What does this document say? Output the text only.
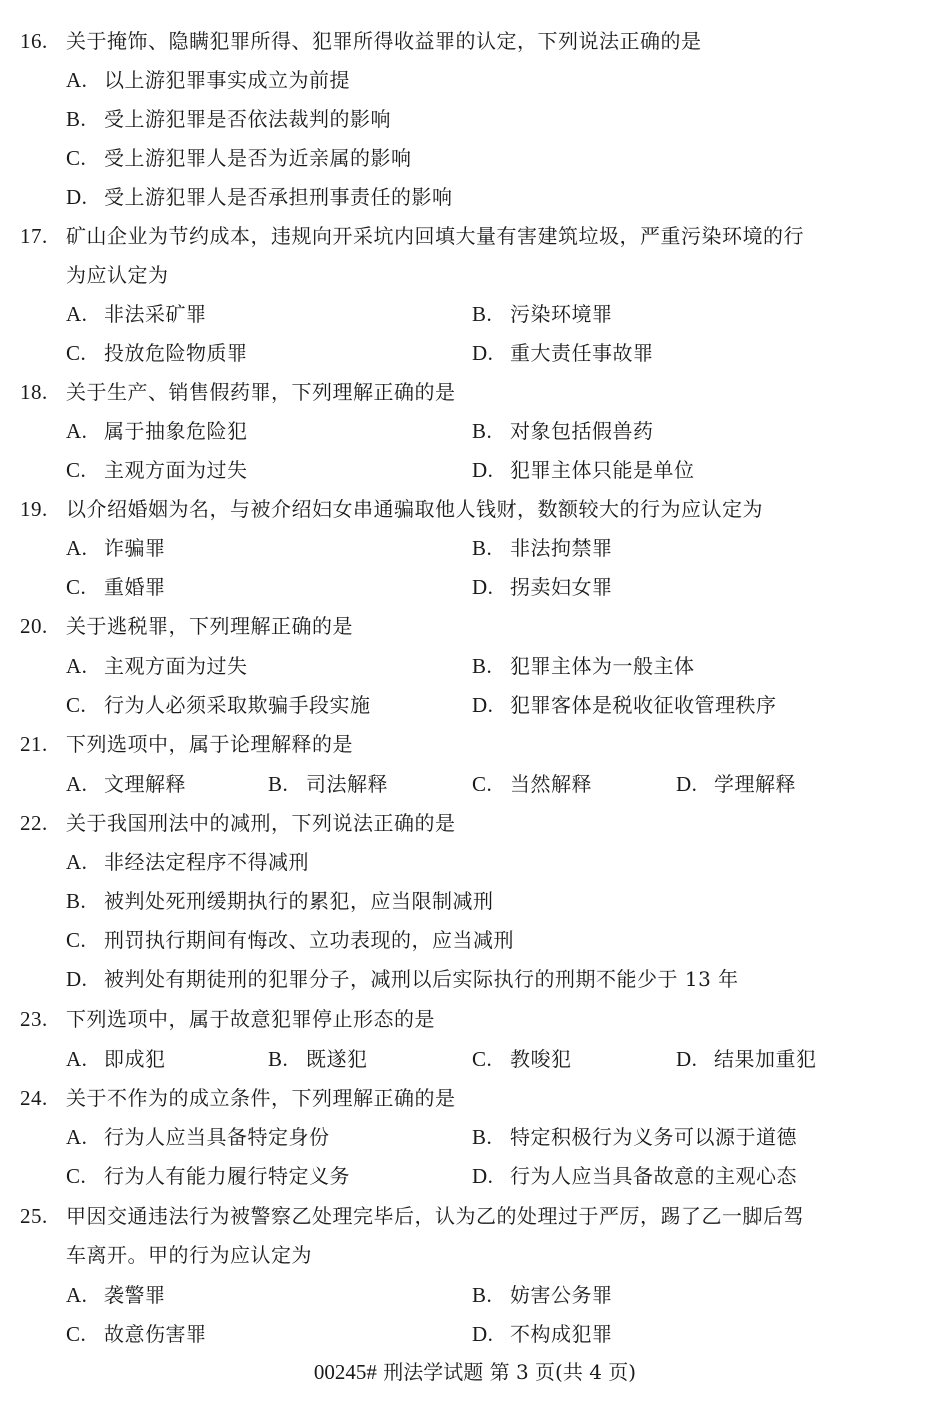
16. 关于掩饰、隐瞒犯罪所得、犯罪所得收益罪的认定，下列说法正确的是
A. 以上游犯罪事实成立为前提
B. 受上游犯罪是否依法裁判的影响
C. 受上游犯罪人是否为近亲属的影响
D. 受上游犯罪人是否承担刑事责任的影响
17. 矿山企业为节约成本，违规向开采坑内回填大量有害建筑垃圾，严重污染环境的行
为应认定为
A. 非法采矿罪	B. 污染环境罪
C. 投放危险物质罪	D. 重大责任事故罪
18. 关于生产、销售假药罪，下列理解正确的是
A. 属于抽象危险犯	B. 对象包括假兽药
C. 主观方面为过失	D. 犯罪主体只能是单位
19. 以介绍婚姻为名，与被介绍妇女串通骗取他人钱财，数额较大的行为应认定为
A. 诈骗罪	B. 非法拘禁罪
C. 重婚罪	D. 拐卖妇女罪
20. 关于逃税罪，下列理解正确的是
A. 主观方面为过失	B. 犯罪主体为一般主体
C. 行为人必须采取欺骗手段实施	D. 犯罪客体是税收征收管理秩序
21. 下列选项中，属于论理解释的是
A. 文理解释	B. 司法解释	C. 当然解释	D. 学理解释
22. 关于我国刑法中的减刑，下列说法正确的是
A. 非经法定程序不得减刑
B. 被判处死刑缓期执行的累犯，应当限制减刑
C. 刑罚执行期间有悔改、立功表现的，应当减刑
D. 被判处有期徒刑的犯罪分子，减刑以后实际执行的刑期不能少于 13 年
23. 下列选项中，属于故意犯罪停止形态的是
A. 即成犯	B. 既遂犯	C. 教唆犯	D. 结果加重犯
24. 关于不作为的成立条件，下列理解正确的是
A. 行为人应当具备特定身份	B. 特定积极行为义务可以源于道德
C. 行为人有能力履行特定义务	D. 行为人应当具备故意的主观心态
25. 甲因交通违法行为被警察乙处理完毕后，认为乙的处理过于严厉，踢了乙一脚后驾
车离开。甲的行为应认定为
A. 袭警罪	B. 妨害公务罪
C. 故意伤害罪	D. 不构成犯罪
00245# 刑法学试题 第 3 页(共 4 页)
